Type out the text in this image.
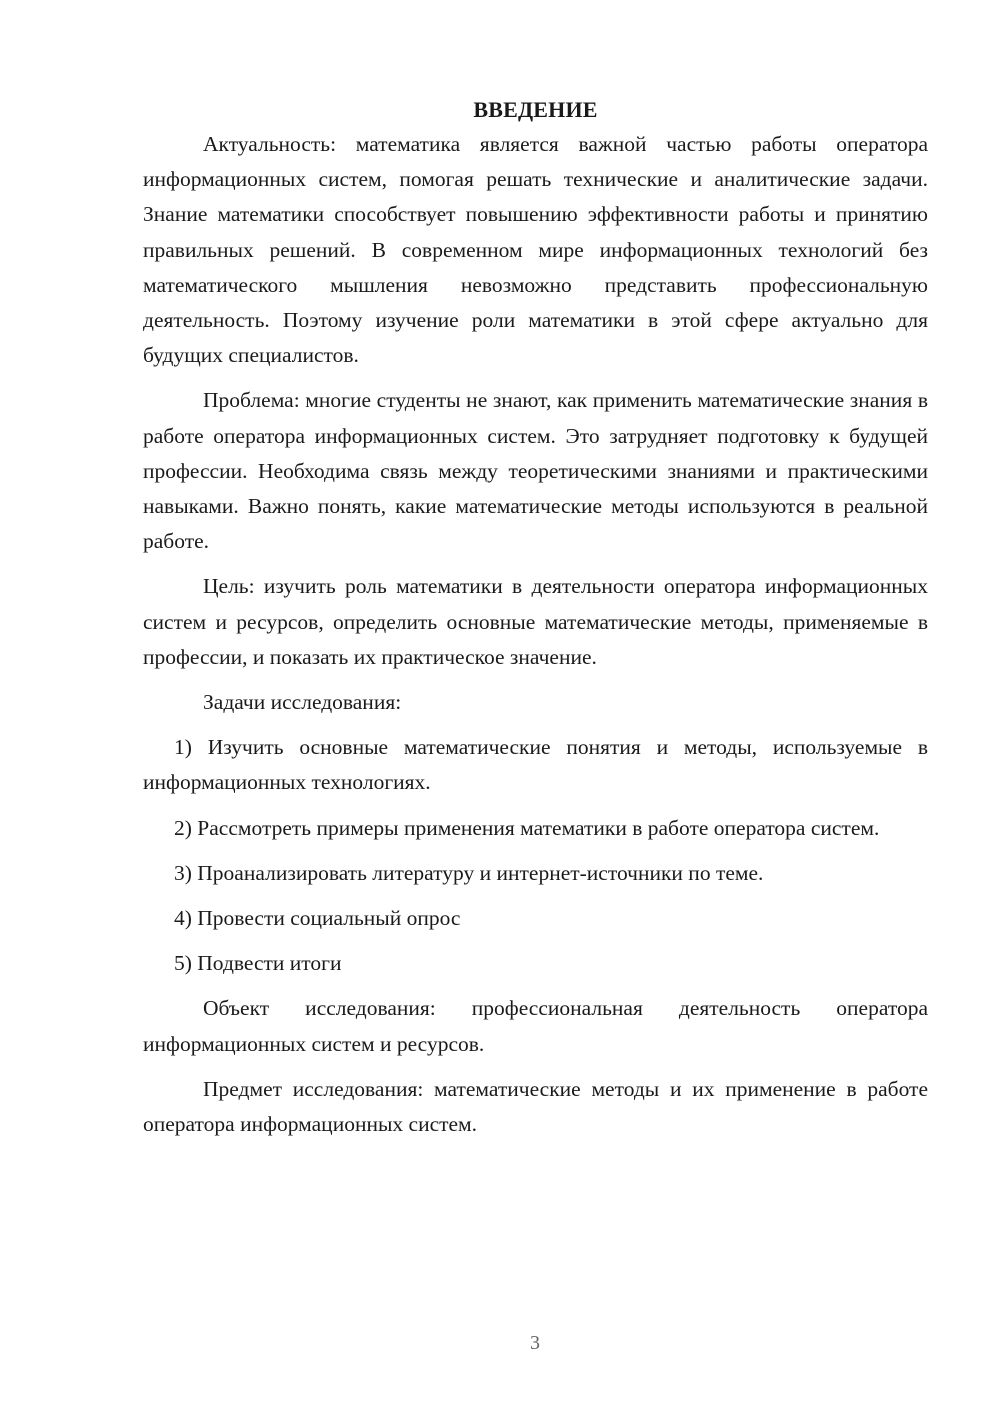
ВВЕДЕНИЕ

Актуальность: математика является важной частью работы оператора информационных систем, помогая решать технические и аналитические задачи. Знание математики способствует повышению эффективности работы и принятию правильных решений. В современном мире информационных технологий без математического мышления невозможно представить профессиональную деятельность. Поэтому изучение роли математики в этой сфере актуально для будущих специалистов.

Проблема: многие студенты не знают, как применить математические знания в работе оператора информационных систем. Это затрудняет подготовку к будущей профессии. Необходима связь между теоретическими знаниями и практическими навыками. Важно понять, какие математические методы используются в реальной работе.

Цель: изучить роль математики в деятельности оператора информационных систем и ресурсов, определить основные математические методы, применяемые в профессии, и показать их практическое значение.

Задачи исследования:

1) Изучить основные математические понятия и методы, используемые в информационных технологиях.

2) Рассмотреть примеры применения математики в работе оператора систем.

3) Проанализировать литературу и интернет-источники по теме.

4) Провести социальный опрос

5) Подвести итоги

Объект исследования: профессиональная деятельность оператора информационных систем и ресурсов.

Предмет исследования: математические методы и их применение в работе оператора информационных систем.

3
